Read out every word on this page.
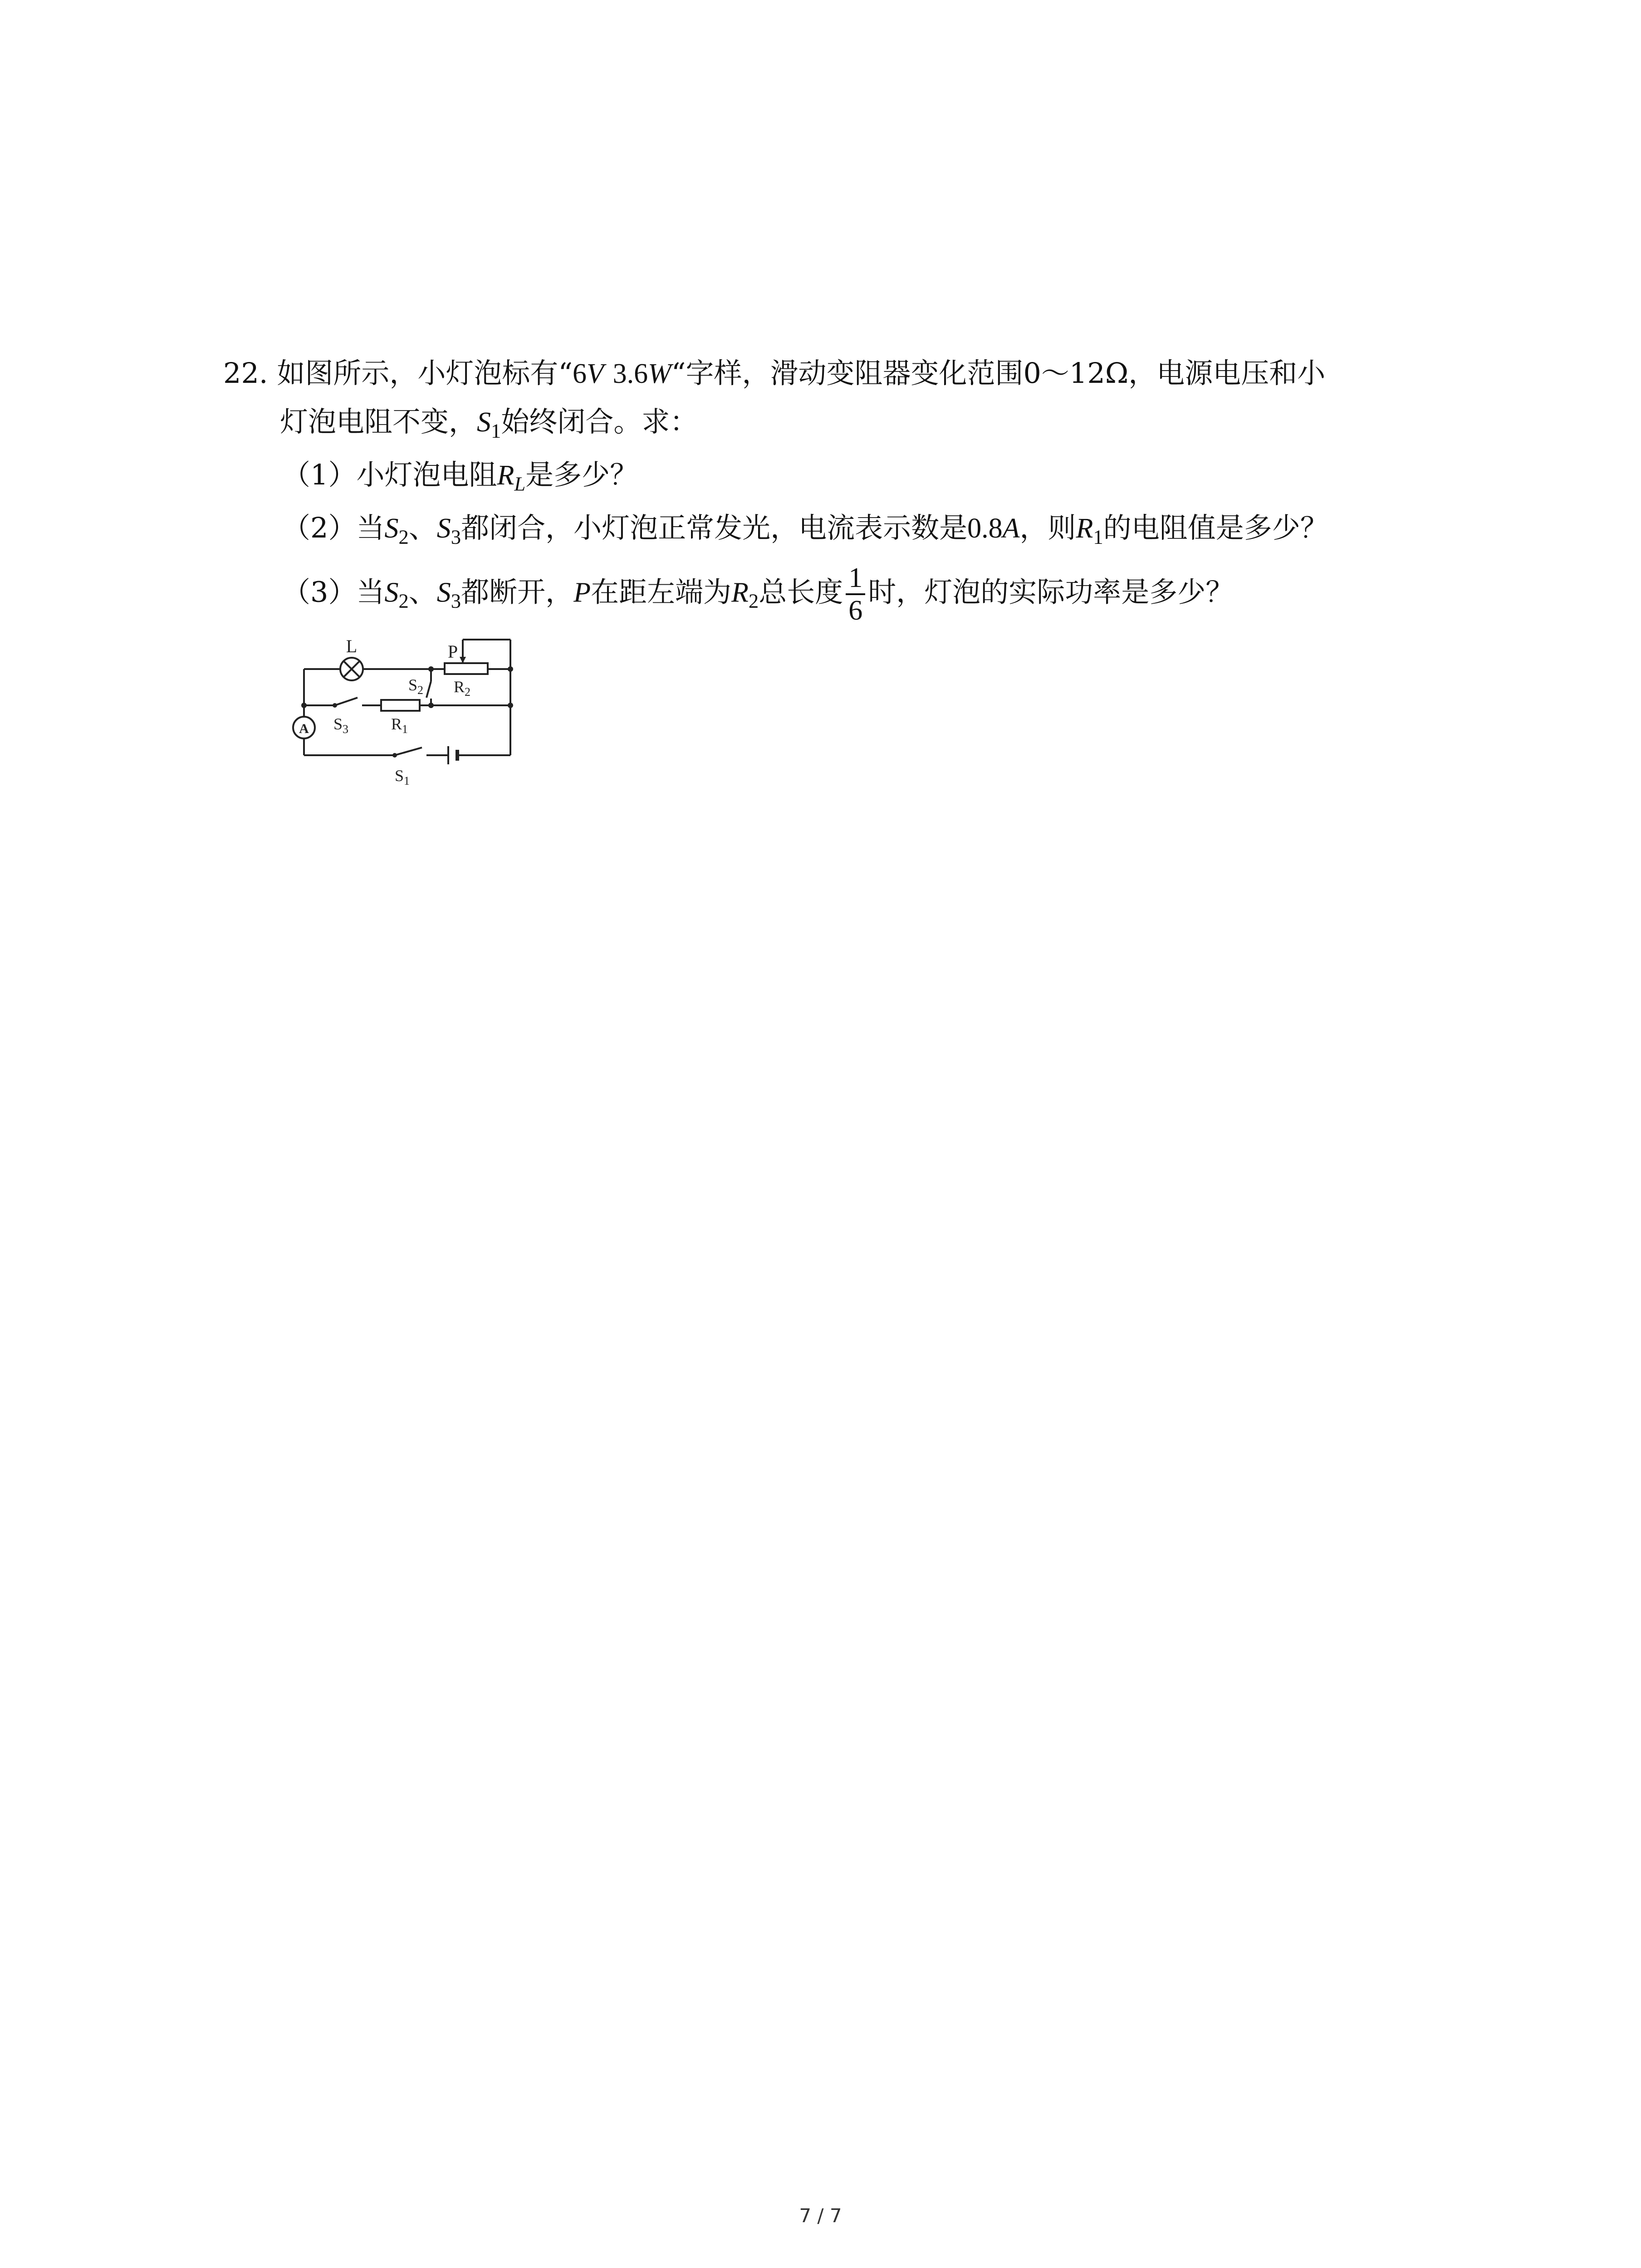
22. 如图所示，小灯泡标有“6V 3.6W“字样，滑动变阻器变化范围0～12Ω，电源电压和小
灯泡电阻不变，$S_1$始终闭合。求：
（1）小灯泡电阻$R_L$是多少？
（2）当$S_2$、$S_3$都闭合，小灯泡正常发光，电流表示数是0.8A，则$R_1$的电阻值是多少？
（3）当$S_2$、$S_3$都断开，P在距左端为$R_2$总长度 $\frac{1}{6}$ 时，灯泡的实际功率是多少？
L	P
$S_2$ $R_2$
A $S_3$	$R_1$
$S_1$
7 / 7
